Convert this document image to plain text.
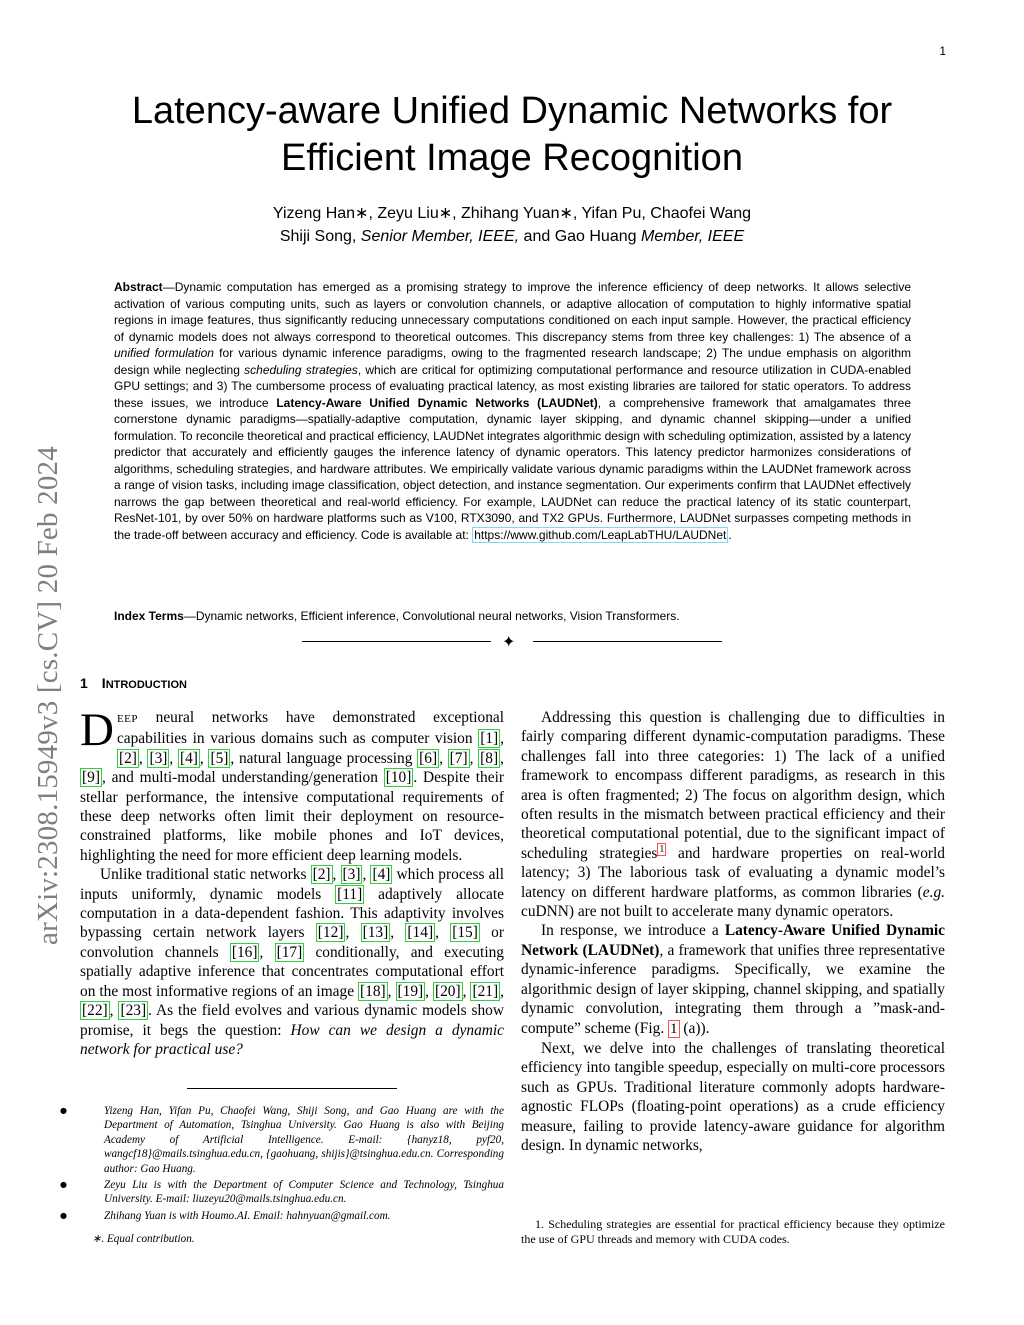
1
arXiv:2308.15949v3 [cs.CV] 20 Feb 2024
Latency-aware Unified Dynamic Networks for
Efficient Image Recognition
Yizeng Han∗, Zeyu Liu∗, Zhihang Yuan∗, Yifan Pu, Chaofei Wang
Shiji Song, Senior Member, IEEE, and Gao Huang Member, IEEE
Abstract—Dynamic computation has emerged as a promising strategy to improve the inference efficiency of deep networks. It allows selective activation of various computing units, such as layers or convolution channels, or adaptive allocation of computation to highly informative spatial regions in image features, thus significantly reducing unnecessary computations conditioned on each input sample. However, the practical efficiency of dynamic models does not always correspond to theoretical outcomes. This discrepancy stems from three key challenges: 1) The absence of a unified formulation for various dynamic inference paradigms, owing to the fragmented research landscape; 2) The undue emphasis on algorithm design while neglecting scheduling strategies, which are critical for optimizing computational performance and resource utilization in CUDA-enabled GPU settings; and 3) The cumbersome process of evaluating practical latency, as most existing libraries are tailored for static operators. To address these issues, we introduce Latency-Aware Unified Dynamic Networks (LAUDNet), a comprehensive framework that amalgamates three cornerstone dynamic paradigms—spatially-adaptive computation, dynamic layer skipping, and dynamic channel skipping—under a unified formulation. To reconcile theoretical and practical efficiency, LAUDNet integrates algorithmic design with scheduling optimization, assisted by a latency predictor that accurately and efficiently gauges the inference latency of dynamic operators. This latency predictor harmonizes considerations of algorithms, scheduling strategies, and hardware attributes. We empirically validate various dynamic paradigms within the LAUDNet framework across a range of vision tasks, including image classification, object detection, and instance segmentation. Our experiments confirm that LAUDNet effectively narrows the gap between theoretical and real-world efficiency. For example, LAUDNet can reduce the practical latency of its static counterpart, ResNet-101, by over 50% on hardware platforms such as V100, RTX3090, and TX2 GPUs. Furthermore, LAUDNet surpasses competing methods in the trade-off between accuracy and efficiency. Code is available at: https://www.github.com/LeapLabTHU/LAUDNet .
Index Terms—Dynamic networks, Efficient inference, Convolutional neural networks, Vision Transformers.
✦
1 INTRODUCTION

DEEP neural networks have demonstrated exceptional capabilities in various domains such as computer vision [1] , [2] , [3] , [4] , [5] , natural language processing [6] , [7] , [8] , [9] , and multi-modal understanding/generation [10] . Despite their stellar performance, the intensive computational requirements of these deep networks often limit their deployment on resource-constrained platforms, like mobile phones and IoT devices, highlighting the need for more efficient deep learning models.

Unlike traditional static networks [2] , [3] , [4] which process all inputs uniformly, dynamic models [11] adaptively allocate computation in a data-dependent fashion. This adaptivity involves bypassing certain network layers [12] , [13] , [14] , [15] or convolution channels [16] , [17] conditionally, and executing spatially adaptive inference that concentrates computational effort on the most informative regions of an image [18] , [19] , [20] , [21] , [22] , [23] . As the field evolves and various dynamic models show promise, it begs the question: How can we design a dynamic network for practical use?

●	Yizeng Han, Yifan Pu, Chaofei Wang, Shiji Song, and Gao Huang are with the Department of Automation, Tsinghua University. Gao Huang is also with Beijing Academy of Artificial Intelligence. E-mail: {hanyz18, pyf20, wangcf18}@mails.tsinghua.edu.cn, {gaohuang, shijis}@tsinghua.edu.cn. Corresponding author: Gao Huang.
●	Zeyu Liu is with the Department of Computer Science and Technology, Tsinghua University. E-mail: liuzeyu20@mails.tsinghua.edu.cn.
●	Zhihang Yuan is with Houmo.AI. Email: hahnyuan@gmail.com.
∗. Equal contribution.

Addressing this question is challenging due to difficulties in fairly comparing different dynamic-computation paradigms. These challenges fall into three categories: 1) The lack of a unified framework to encompass different paradigms, as research in this area is often fragmented; 2) The focus on algorithm design, which often results in the mismatch between practical efficiency and their theoretical computational potential, due to the significant impact of scheduling strategies $^1$ and hardware properties on real-world latency; 3) The laborious task of evaluating a dynamic model’s latency on different hardware platforms, as common libraries (e.g. cuDNN) are not built to accelerate many dynamic operators.

In response, we introduce a Latency-Aware Unified Dynamic Network (LAUDNet), a framework that unifies three representative dynamic-inference paradigms. Specifically, we examine the algorithmic design of layer skipping, channel skipping, and spatially dynamic convolution, integrating them through a ”mask-and-compute” scheme (Fig. 1 (a)).

Next, we delve into the challenges of translating theoretical efficiency into tangible speedup, especially on multi-core processors such as GPUs. Traditional literature commonly adopts hardware-agnostic FLOPs (floating-point operations) as a crude efficiency measure, failing to provide latency-aware guidance for algorithm design. In dynamic networks,

1. Scheduling strategies are essential for practical efficiency because they optimize the use of GPU threads and memory with CUDA codes.
